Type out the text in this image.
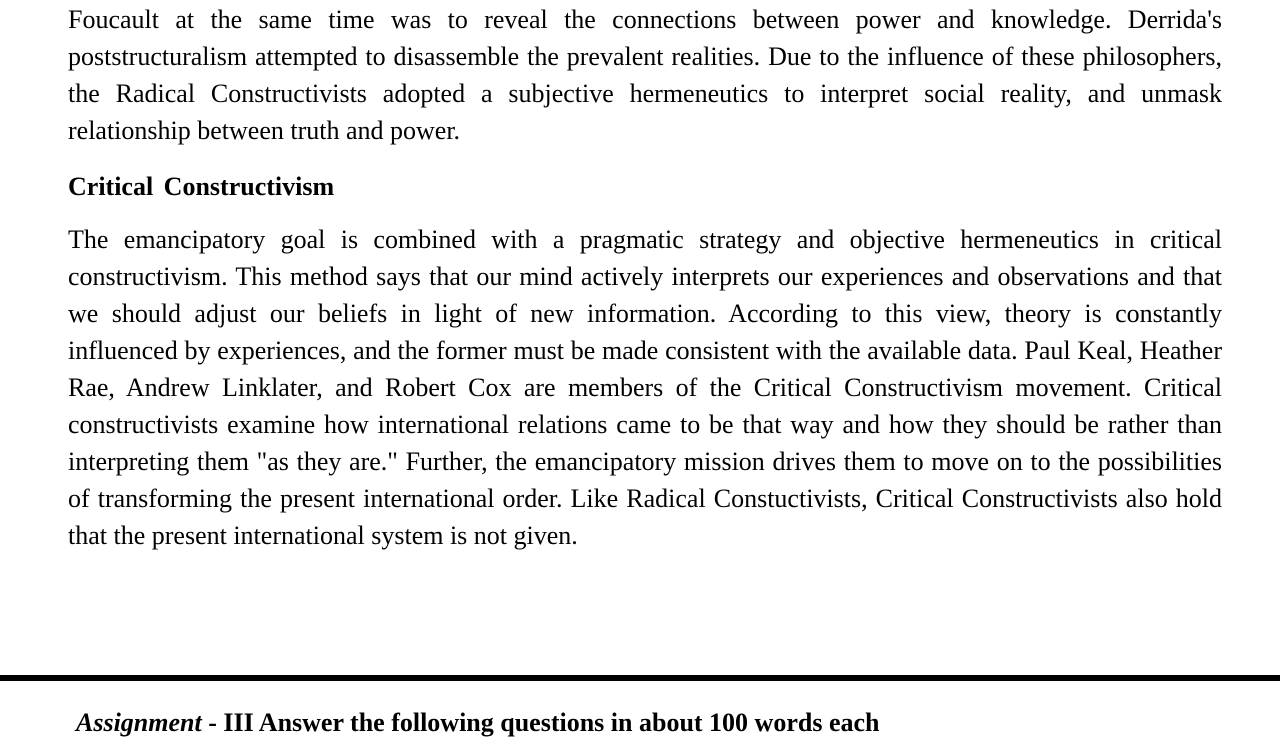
Foucault at the same time was to reveal the connections between power and knowledge. Derrida's poststructuralism attempted to disassemble the prevalent realities. Due to the influence of these philosophers, the Radical Constructivists adopted a subjective hermeneutics to interpret social reality, and unmask relationship between truth and power.

Critical Constructivism

The emancipatory goal is combined with a pragmatic strategy and objective hermeneutics in critical constructivism. This method says that our mind actively interprets our experiences and observations and that we should adjust our beliefs in light of new information. According to this view, theory is constantly influenced by experiences, and the former must be made consistent with the available data. Paul Keal, Heather Rae, Andrew Linklater, and Robert Cox are members of the Critical Constructivism movement. Critical constructivists examine how international relations came to be that way and how they should be rather than interpreting them "as they are." Further, the emancipatory mission drives them to move on to the possibilities of transforming the present international order. Like Radical Constuctivists, Critical Constructivists also hold that the present international system is not given.

Assignment - III Answer the following questions in about 100 words each
